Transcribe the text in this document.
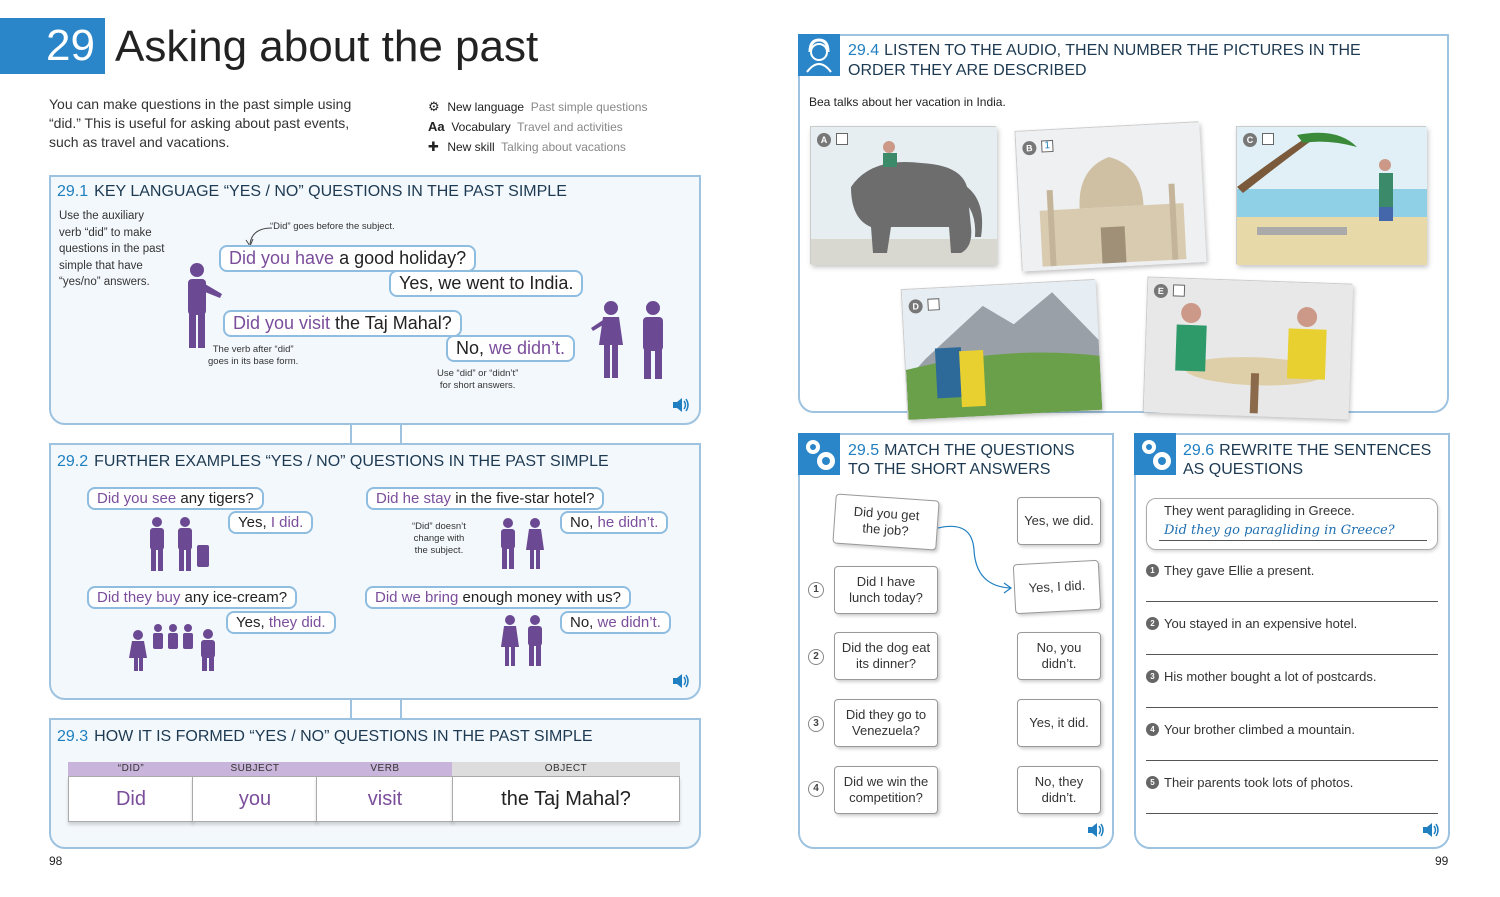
29 Asking about the past
You can make questions in the past simple using
“did.” This is useful for asking about past events,
such as travel and vacations.
⚙ New language Past simple questions
Aa Vocabulary Travel and activities
✚ New skill Talking about vacations
29.1 KEY LANGUAGE “YES / NO” QUESTIONS IN THE PAST SIMPLE
Use the auxiliary
verb “did” to make
questions in the past
simple that have
“yes/no” answers.
“Did” goes before the subject.
Did you have a good holiday?
Yes, we went to India.
Did you visit the Taj Mahal?
No, we didn’t.
The verb after “did”
goes in its base form.
Use “did” or “didn’t”
for short answers.
29.2 FURTHER EXAMPLES “YES / NO” QUESTIONS IN THE PAST SIMPLE
Did you see any tigers?
Yes, I did.
Did he stay in the five-star hotel?
No, he didn’t.
“Did” doesn’t
change with
the subject.
Did they buy any ice-cream?
Yes, they did.
Did we bring enough money with us?
No, we didn’t.
29.3 HOW IT IS FORMED “YES / NO” QUESTIONS IN THE PAST SIMPLE
“DID”
Did
SUBJECT
you
VERB
visit
OBJECT
the Taj Mahal?
98
29.4 LISTEN TO THE AUDIO, THEN NUMBER THE PICTURES IN THE
ORDER THEY ARE DESCRIBED
Bea talks about her vacation in India.
A
B	1
C
D
E
29.5 MATCH THE QUESTIONS
TO THE SHORT ANSWERS
Did you get
the job?
Did I have
lunch today?
Did the dog eat
its dinner?
Did they go to
Venezuela?
Did we win the
competition?
1
2
3
4
Yes, we did.
Yes, I did.
No, you
didn’t.
Yes, it did.
No, they
didn’t.
29.6 REWRITE THE SENTENCES
AS QUESTIONS
They went paragliding in Greece.
Did they go paragliding in Greece?
1 They gave Ellie a present.
2 You stayed in an expensive hotel.
3 His mother bought a lot of postcards.
4 Your brother climbed a mountain.
5 Their parents took lots of photos.
99
